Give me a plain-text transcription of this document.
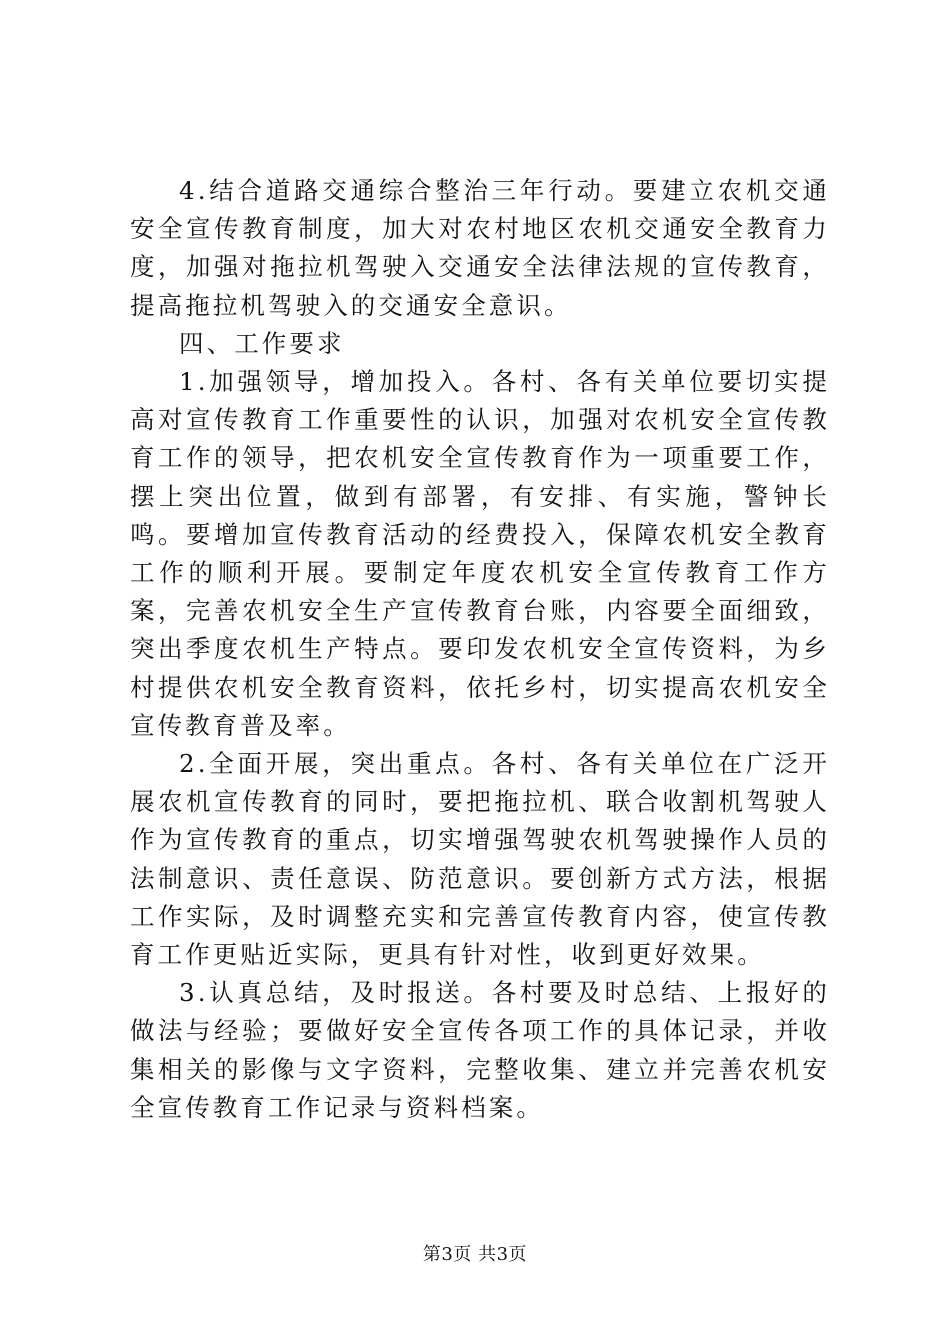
4.结合道路交通综合整治三年行动。要建立农机交通安全宣传教育制度，加大对农村地区农机交通安全教育力度，加强对拖拉机驾驶入交通安全法律法规的宣传教育，提高拖拉机驾驶入的交通安全意识。

四、工作要求

1.加强领导，增加投入。各村、各有关单位要切实提高对宣传教育工作重要性的认识，加强对农机安全宣传教育工作的领导，把农机安全宣传教育作为一项重要工作，摆上突出位置，做到有部署，有安排、有实施，警钟长鸣。要增加宣传教育活动的经费投入，保障农机安全教育工作的顺利开展。要制定年度农机安全宣传教育工作方案，完善农机安全生产宣传教育台账，内容要全面细致，突出季度农机生产特点。要印发农机安全宣传资料，为乡村提供农机安全教育资料，依托乡村，切实提高农机安全宣传教育普及率。

2.全面开展，突出重点。各村、各有关单位在广泛开展农机宣传教育的同时，要把拖拉机、联合收割机驾驶人作为宣传教育的重点，切实增强驾驶农机驾驶操作人员的法制意识、责任意误、防范意识。要创新方式方法，根据工作实际，及时调整充实和完善宣传教育内容，使宣传教育工作更贴近实际，更具有针对性，收到更好效果。

3.认真总结，及时报送。各村要及时总结、上报好的做法与经验；要做好安全宣传各项工作的具体记录，并收集相关的影像与文字资料，完整收集、建立并完善农机安全宣传教育工作记录与资料档案。

第3页 共3页
